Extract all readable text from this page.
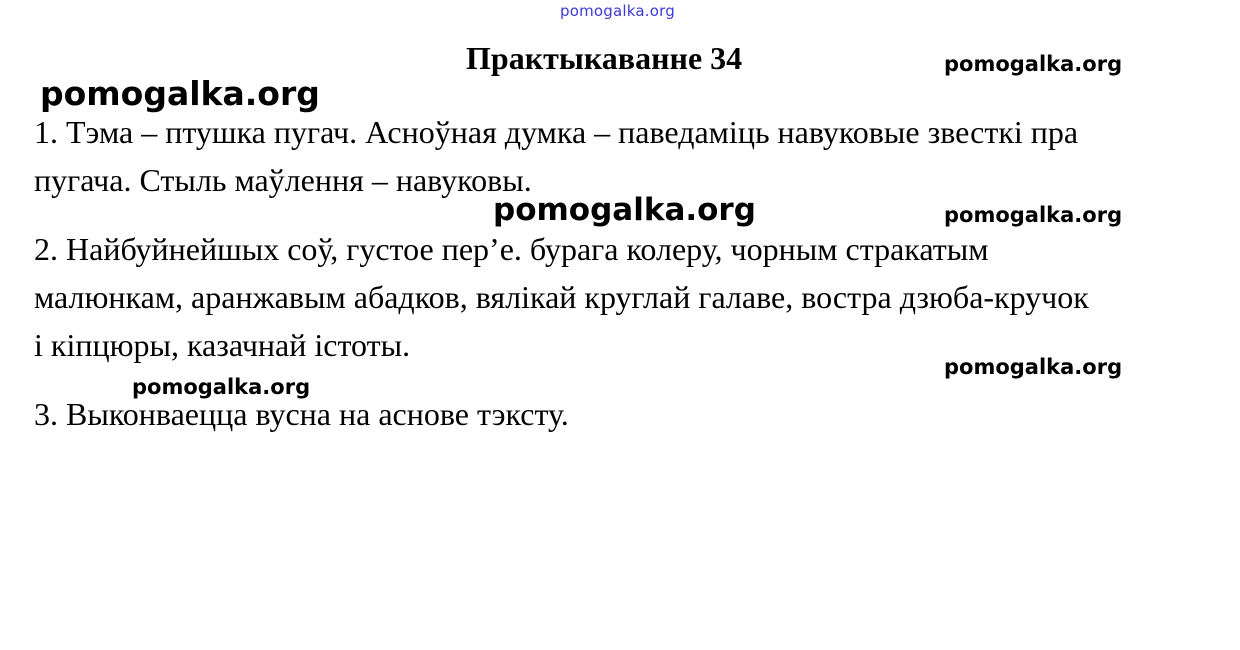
pomogalka.org
Практыкаванне 34	pomogalka.org
pomogalka.org
1. Тэма – птушка пугач. Асноўная думка – паведаміць навуковые звесткі пра
пугача. Стыль маўлення – навуковы.
pomogalka.org	pomogalka.org
2. Найбуйнейшых соў, густое пер’е. бурага колеру, чорным стракатым
малюнкам, аранжавым абадков, вялікай круглай галаве, востра дзюба-кручок
і кіпцюры, казачнай істоты.
pomogalka.org
pomogalka.org
3. Выконваецца вусна на аснове тэксту.
